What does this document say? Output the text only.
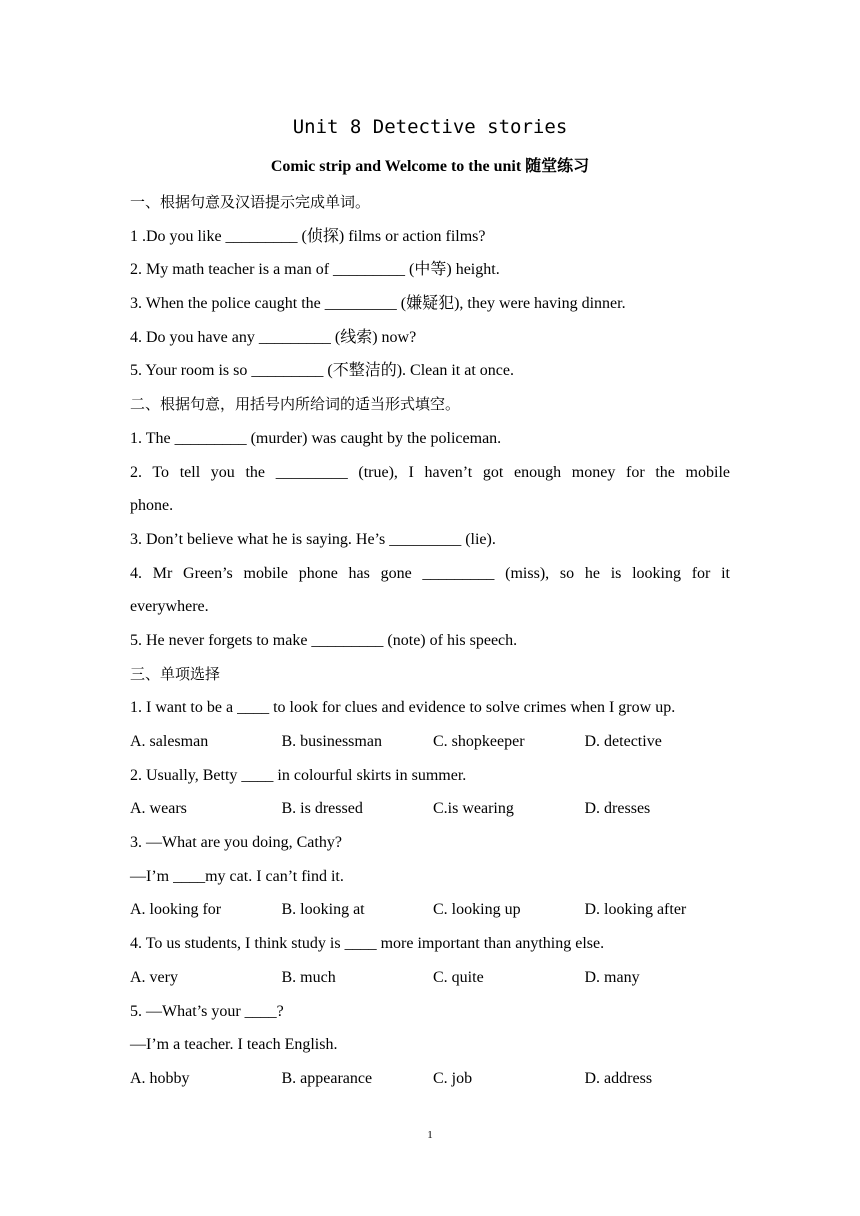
Unit 8 Detective stories
Comic strip and Welcome to the unit 随堂练习
一、根据句意及汉语提示完成单词。
1 .Do you like _________ (侦探) films or action films?
2. My math teacher is a man of _________ (中等) height.
3. When the police caught the _________ (嫌疑犯), they were having dinner.
4. Do you have any _________ (线索) now?
5. Your room is so _________ (不整洁的). Clean it at once.
二、根据句意，用括号内所给词的适当形式填空。
1. The _________ (murder) was caught by the policeman.
2. To tell you the _________ (true), I haven’t got enough money for the mobile
phone.
3. Don’t believe what he is saying. He’s _________ (lie).
4. Mr Green’s mobile phone has gone _________ (miss), so he is looking for it
everywhere.
5. He never forgets to make _________ (note) of his speech.
三、单项选择
1. I want to be a ____ to look for clues and evidence to solve crimes when I grow up.
A. salesman	B. businessman	C. shopkeeper	D. detective
2. Usually, Betty ____ in colourful skirts in summer.
A. wears	B. is dressed	C.is wearing	D. dresses
3. —What are you doing, Cathy?
—I’m ____my cat. I can’t find it.
A. looking for	B. looking at	C. looking up	D. looking after
4. To us students, I think study is ____ more important than anything else.
A. very	B. much	C. quite	D. many
5. —What’s your ____?
—I’m a teacher. I teach English.
A. hobby	B. appearance	C. job	D. address
1
